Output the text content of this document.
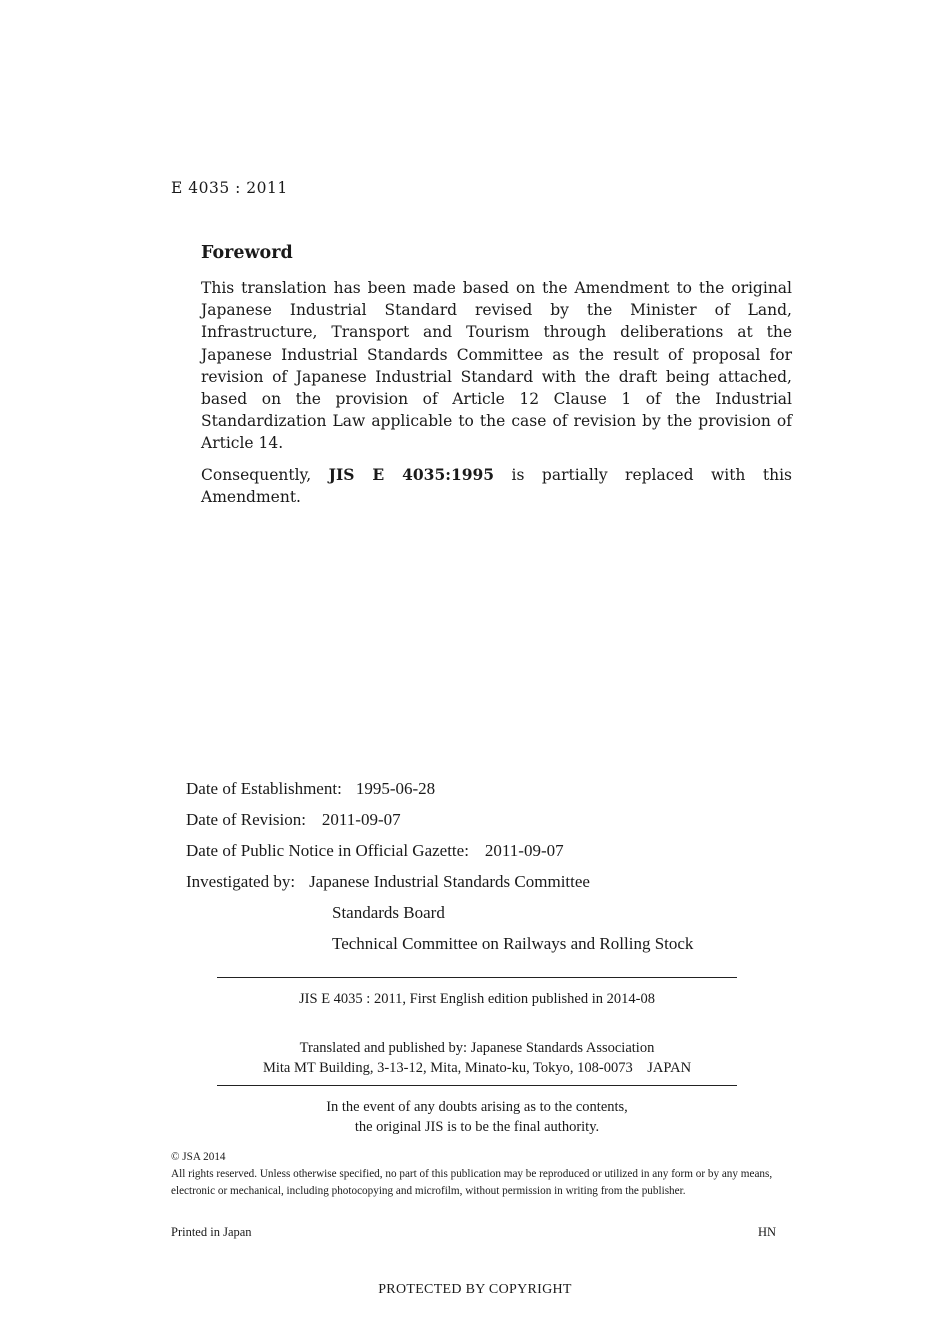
E 4035 : 2011
Foreword

This translation has been made based on the Amendment to the original Japanese Industrial Standard revised by the Minister of Land, Infrastructure, Transport and Tourism through deliberations at the Japanese Industrial Standards Committee as the result of proposal for revision of Japanese Industrial Standard with the draft being attached, based on the provision of Article 12 Clause 1 of the Industrial Standardization Law applicable to the case of revision by the provision of Article 14.

Consequently, JIS E 4035:1995 is partially replaced with this Amendment.

Date of Establishment: 1995-06-28
Date of Revision: 2011-09-07
Date of Public Notice in Official Gazette: 2011-09-07
Investigated by: Japanese Industrial Standards Committee
Standards Board
Technical Committee on Railways and Rolling Stock
JIS E 4035 : 2011, First English edition published in 2014-08
Translated and published by: Japanese Standards Association
Mita MT Building, 3-13-12, Mita, Minato-ku, Tokyo, 108-0073    JAPAN
In the event of any doubts arising as to the contents,
the original JIS is to be the final authority.
© JSA 2014
All rights reserved. Unless otherwise specified, no part of this publication may be reproduced or utilized in any form or by any means, electronic or mechanical, including photocopying and microfilm, without permission in writing from the publisher.
Printed in Japan	HN
PROTECTED BY COPYRIGHT
